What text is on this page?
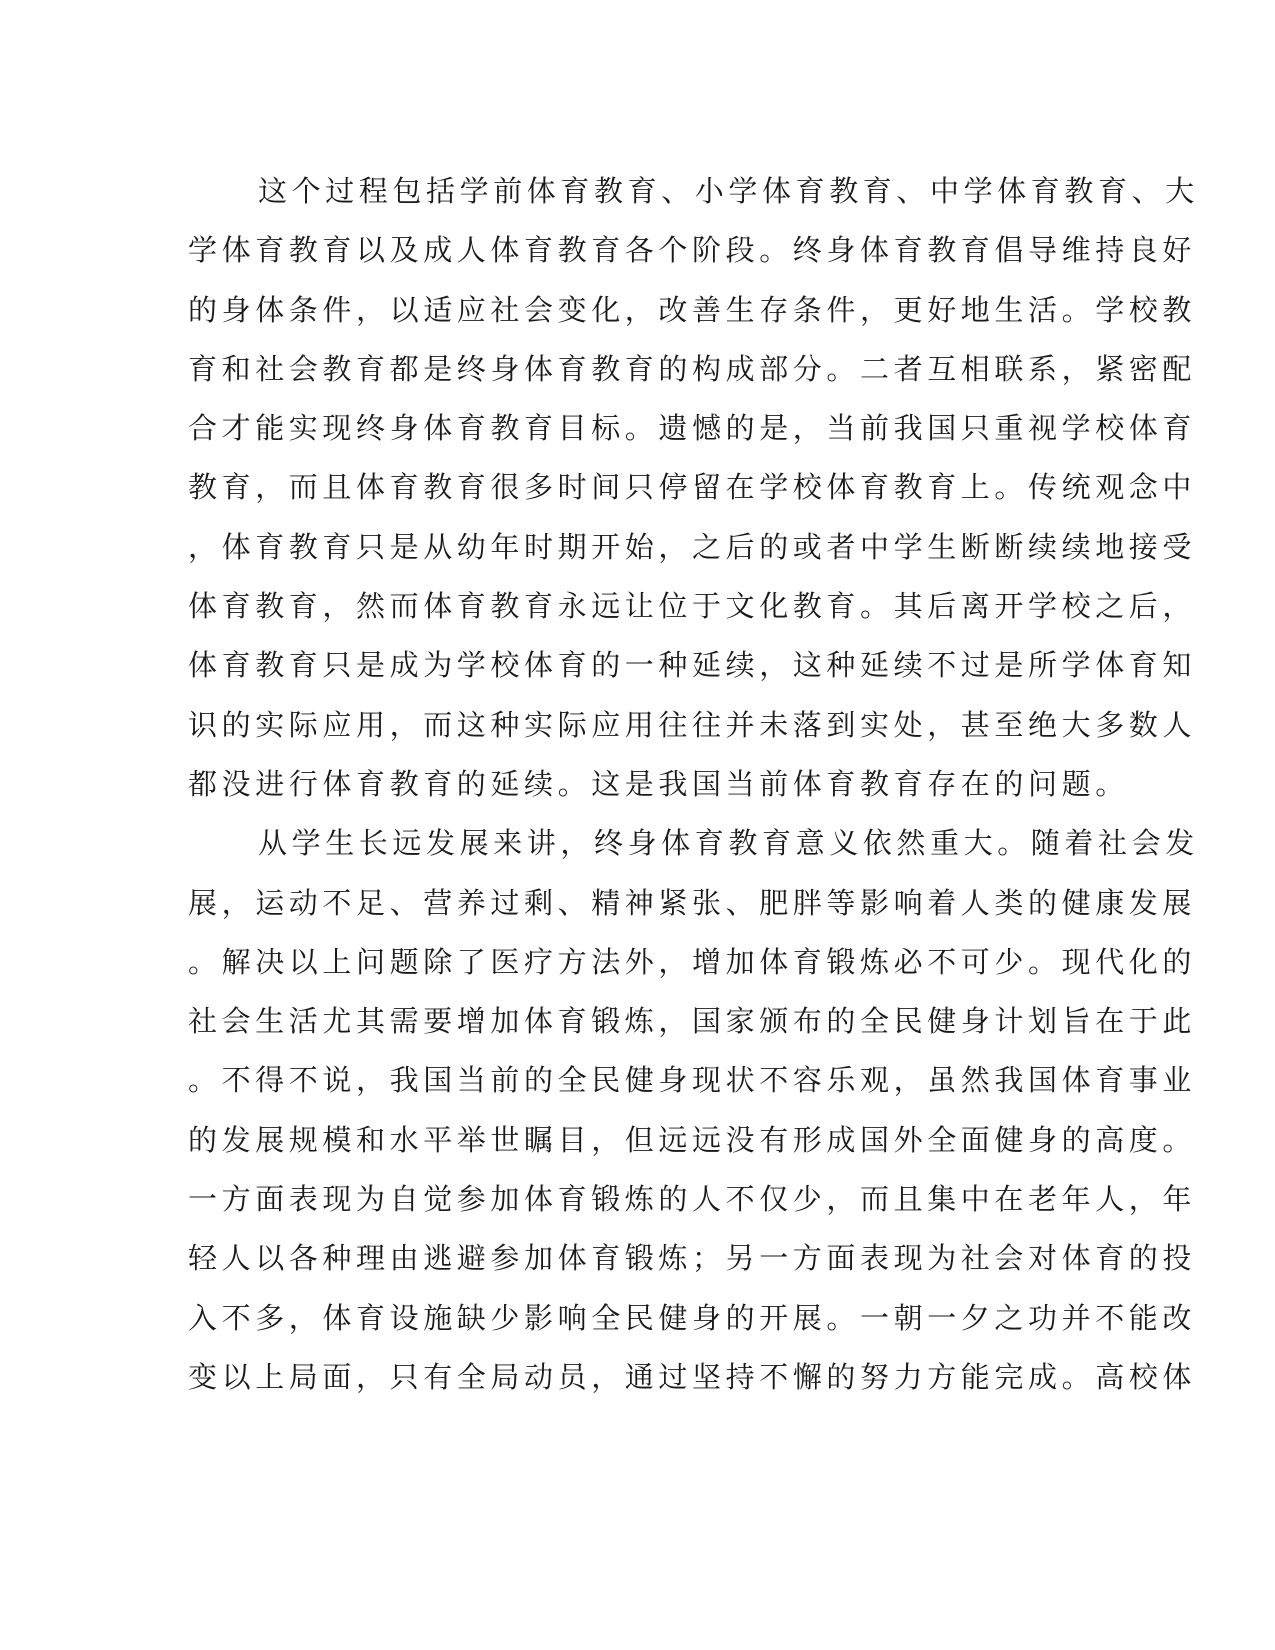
这个过程包括学前体育教育、小学体育教育、中学体育教育、大
学体育教育以及成人体育教育各个阶段。终身体育教育倡导维持良好
的身体条件，以适应社会变化，改善生存条件，更好地生活。学校教
育和社会教育都是终身体育教育的构成部分。二者互相联系，紧密配
合才能实现终身体育教育目标。遗憾的是，当前我国只重视学校体育
教育，而且体育教育很多时间只停留在学校体育教育上。传统观念中
，体育教育只是从幼年时期开始，之后的或者中学生断断续续地接受
体育教育，然而体育教育永远让位于文化教育。其后离开学校之后，
体育教育只是成为学校体育的一种延续，这种延续不过是所学体育知
识的实际应用，而这种实际应用往往并未落到实处，甚至绝大多数人
都没进行体育教育的延续。这是我国当前体育教育存在的问题。
从学生长远发展来讲，终身体育教育意义依然重大。随着社会发
展，运动不足、营养过剩、精神紧张、肥胖等影响着人类的健康发展
。解决以上问题除了医疗方法外，增加体育锻炼必不可少。现代化的
社会生活尤其需要增加体育锻炼，国家颁布的全民健身计划旨在于此
。不得不说，我国当前的全民健身现状不容乐观，虽然我国体育事业
的发展规模和水平举世瞩目，但远远没有形成国外全面健身的高度。
一方面表现为自觉参加体育锻炼的人不仅少，而且集中在老年人，年
轻人以各种理由逃避参加体育锻炼；另一方面表现为社会对体育的投
入不多，体育设施缺少影响全民健身的开展。一朝一夕之功并不能改
变以上局面，只有全局动员，通过坚持不懈的努力方能完成。高校体
